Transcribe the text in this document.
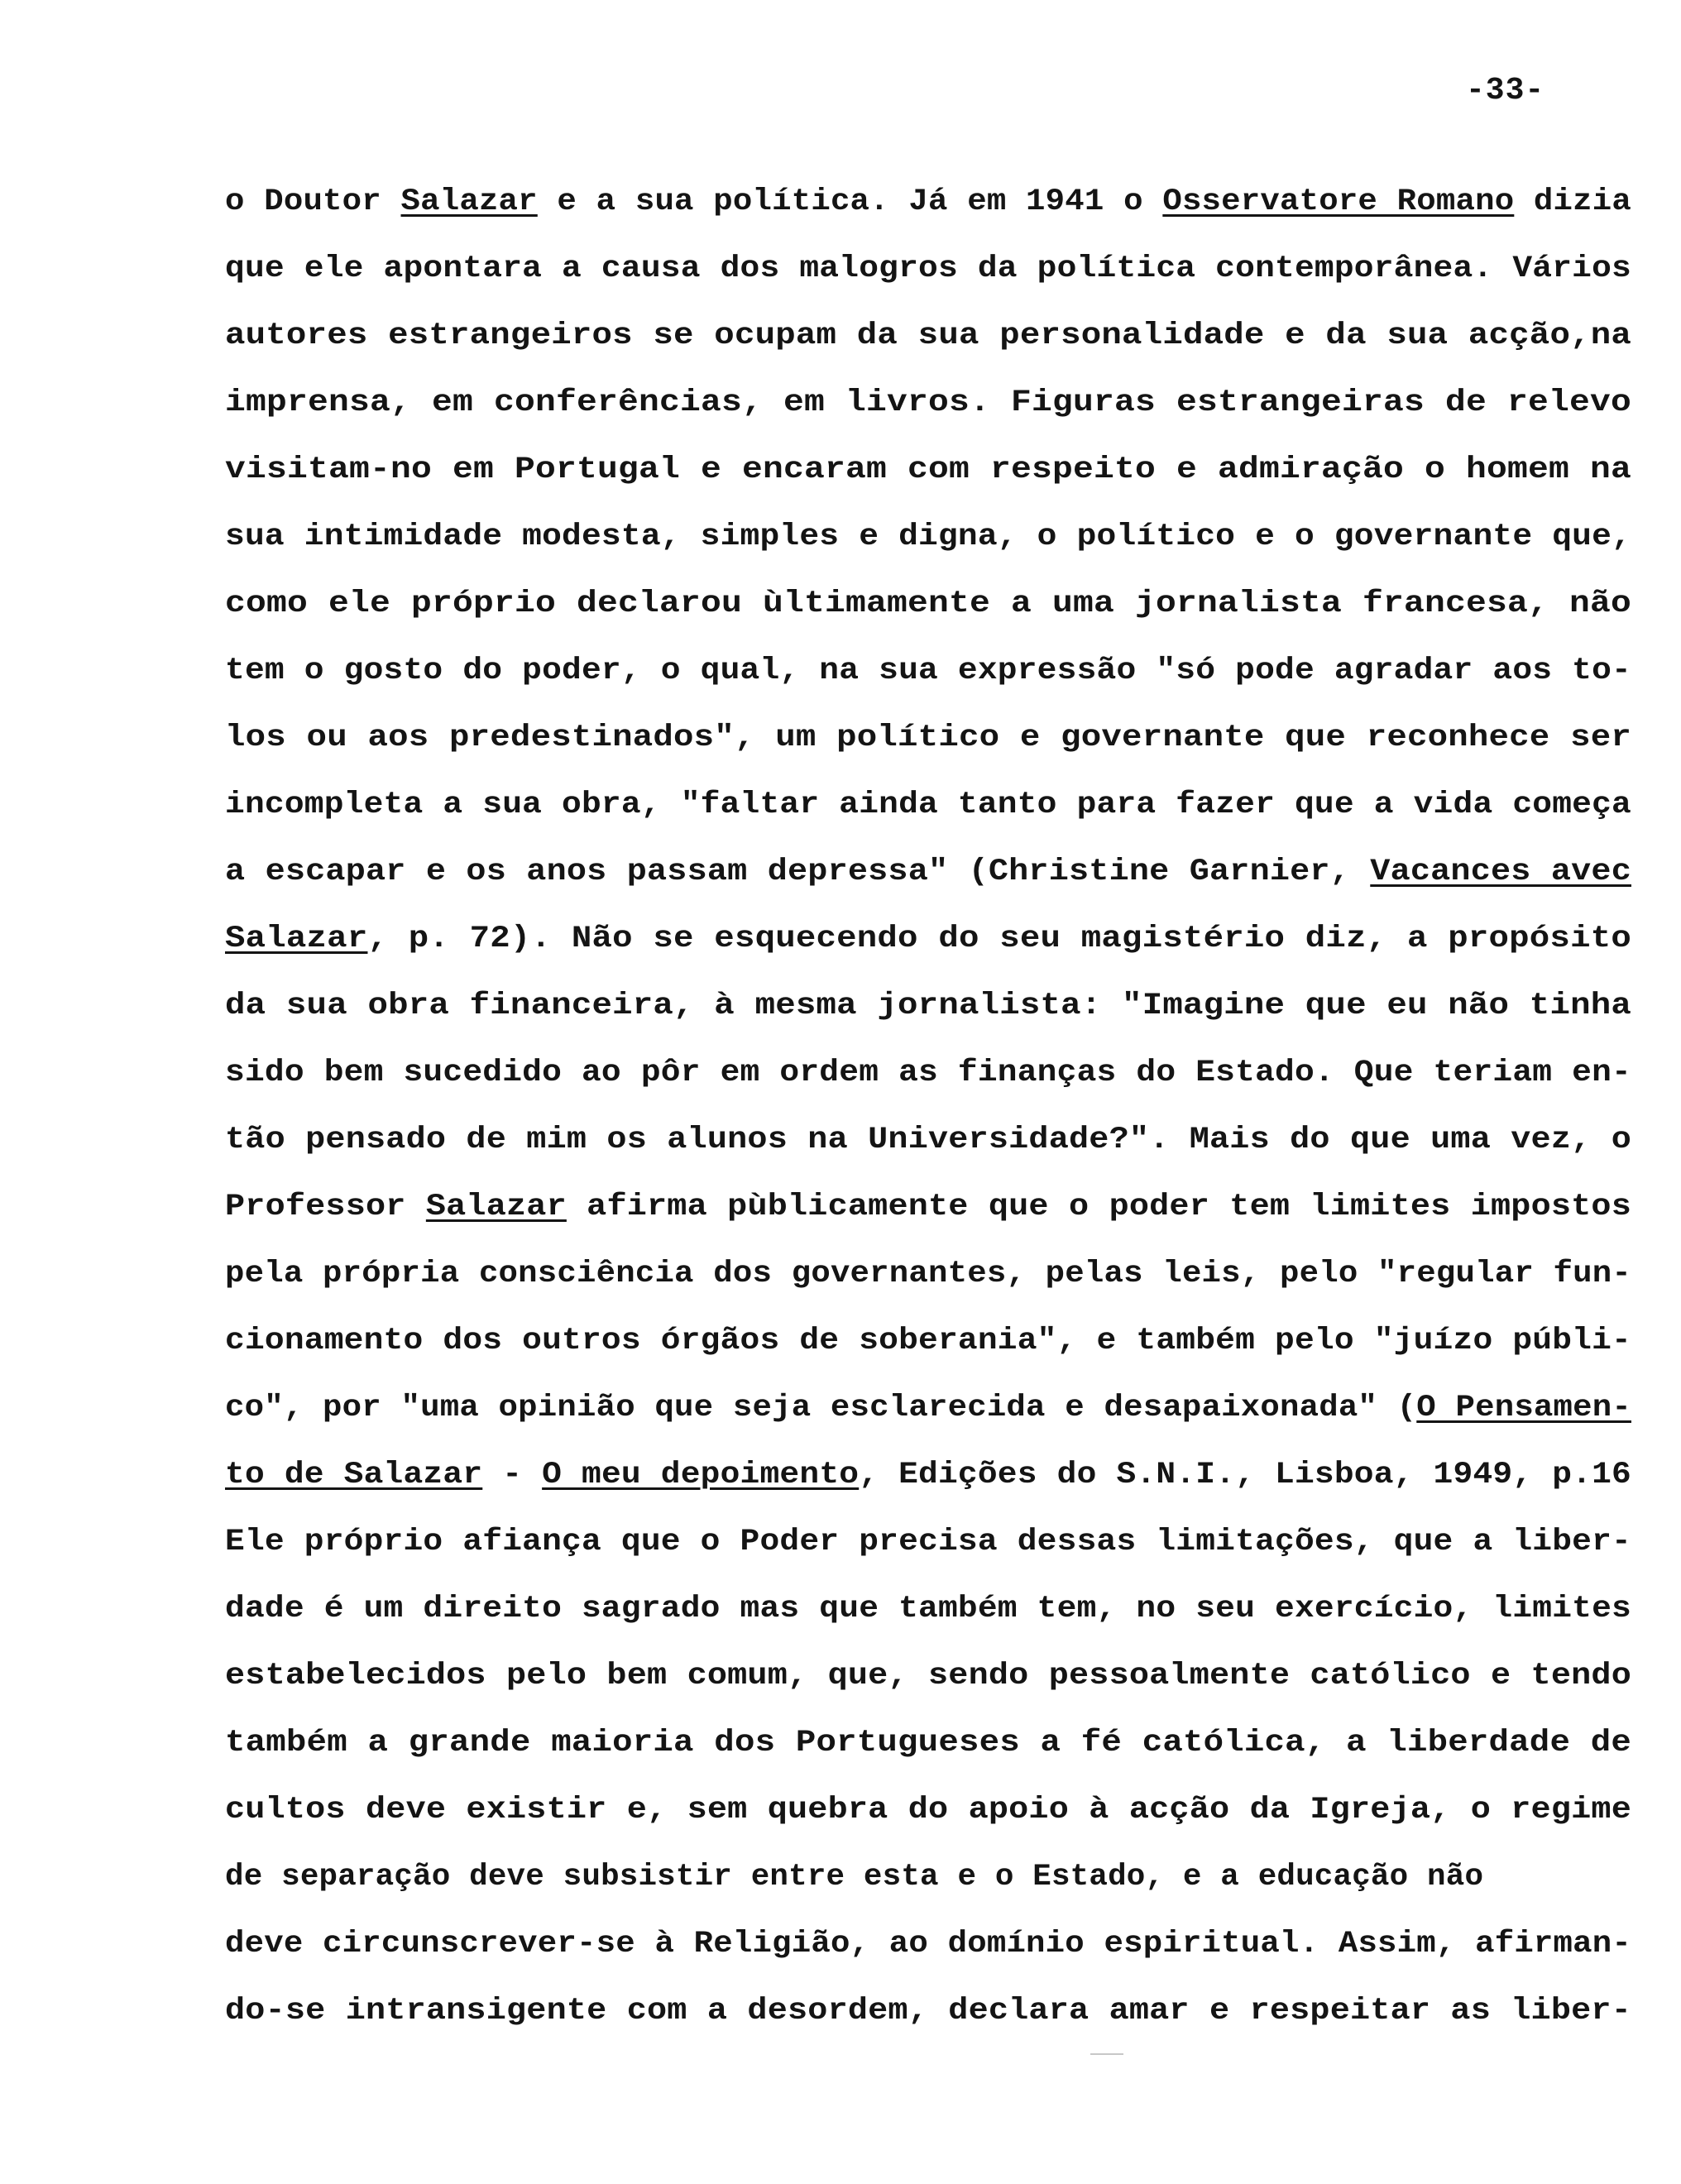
-33-
o Doutor Salazar e a sua política. Já em 1941 o Osservatore Romano dizia
que ele apontara a causa dos malogros da política contemporânea. Vários
autores estrangeiros se ocupam da sua personalidade e da sua acção,na
imprensa, em conferências, em livros. Figuras estrangeiras de relevo
visitam-no em Portugal e encaram com respeito e admiração o homem na
sua intimidade modesta, simples e digna, o político e o governante que,
como ele próprio declarou ùltimamente a uma jornalista francesa, não
tem o gosto do poder, o qual, na sua expressão "só pode agradar aos to-
los ou aos predestinados", um político e governante que reconhece ser
incompleta a sua obra, "faltar ainda tanto para fazer que a vida começa
a escapar e os anos passam depressa" (Christine Garnier, Vacances avec
Salazar, p. 72). Não se esquecendo do seu magistério diz, a propósito
da sua obra financeira, à mesma jornalista: "Imagine que eu não tinha
sido bem sucedido ao pôr em ordem as finanças do Estado. Que teriam en-
tão pensado de mim os alunos na Universidade?". Mais do que uma vez, o
Professor Salazar afirma pùblicamente que o poder tem limites impostos
pela própria consciência dos governantes, pelas leis, pelo "regular fun-
cionamento dos outros órgãos de soberania", e também pelo "juízo públi-
co", por "uma opinião que seja esclarecida e desapaixonada" (O Pensamen-
to de Salazar - O meu depoimento, Edições do S.N.I., Lisboa, 1949, p.16
Ele próprio afiança que o Poder precisa dessas limitações, que a liber-
dade é um direito sagrado mas que também tem, no seu exercício, limites
estabelecidos pelo bem comum, que, sendo pessoalmente católico e tendo
também a grande maioria dos Portugueses a fé católica, a liberdade de
cultos deve existir e, sem quebra do apoio à acção da Igreja, o regime
de separação deve subsistir entre esta e o Estado, e a educação não
deve circunscrever-se à Religião, ao domínio espiritual. Assim, afirman-
do-se intransigente com a desordem, declara amar e respeitar as liber-
